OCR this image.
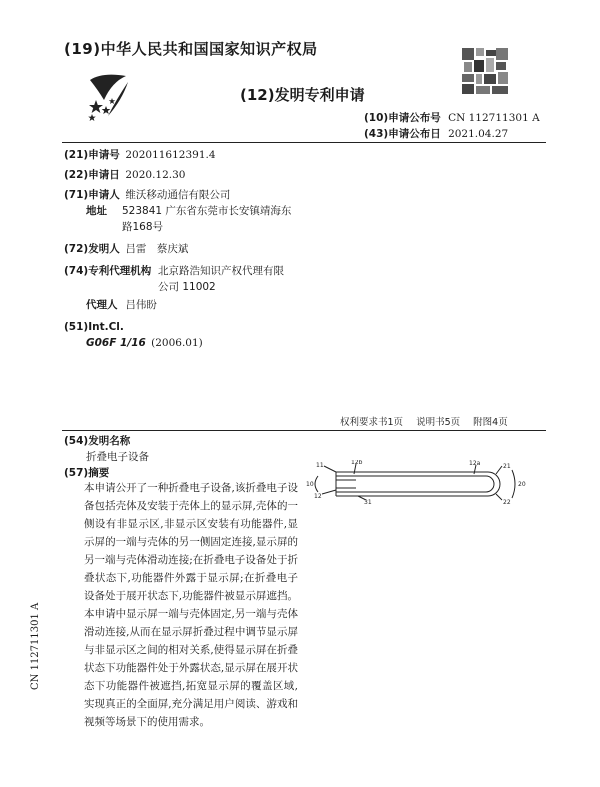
(19)中华人民共和国国家知识产权局
(12)发明专利申请
(10)申请公布号 CN 112711301 A
(43)申请公布日 2021.04.27
(21)申请号 202011612391.4
(22)申请日 2020.12.30
(71)申请人 维沃移动通信有限公司
地址 523841 广东省东莞市长安镇靖海东
路168号
(72)发明人 吕雷　蔡庆斌
(74)专利代理机构 北京路浩知识产权代理有限
公司 11002
代理人 吕伟盼
(51)Int.Cl.
G06F 1/16 (2006.01)
权利要求书1页 说明书5页 附图4页
(54)发明名称
折叠电子设备
(57)摘要
本申请公开了一种折叠电子设备,该折叠电子设备包括壳体及安装于壳体上的显示屏,壳体的一侧设有非显示区,非显示区安装有功能器件,显示屏的一端与壳体的另一侧固定连接,显示屏的另一端与壳体滑动连接;在折叠电子设备处于折叠状态下,功能器件外露于显示屏;在折叠电子设备处于展开状态下,功能器件被显示屏遮挡。本申请中显示屏一端与壳体固定,另一端与壳体滑动连接,从而在显示屏折叠过程中调节显示屏与非显示区之间的相对关系,使得显示屏在折叠状态下功能器件处于外露状态,显示屏在展开状态下功能器件被遮挡,拓宽显示屏的覆盖区域,实现真正的全面屏,充分满足用户阅读、游戏和视频等场景下的使用需求。
CN 112711301 A
11	12b	12a	21
10	20
12
31	22
